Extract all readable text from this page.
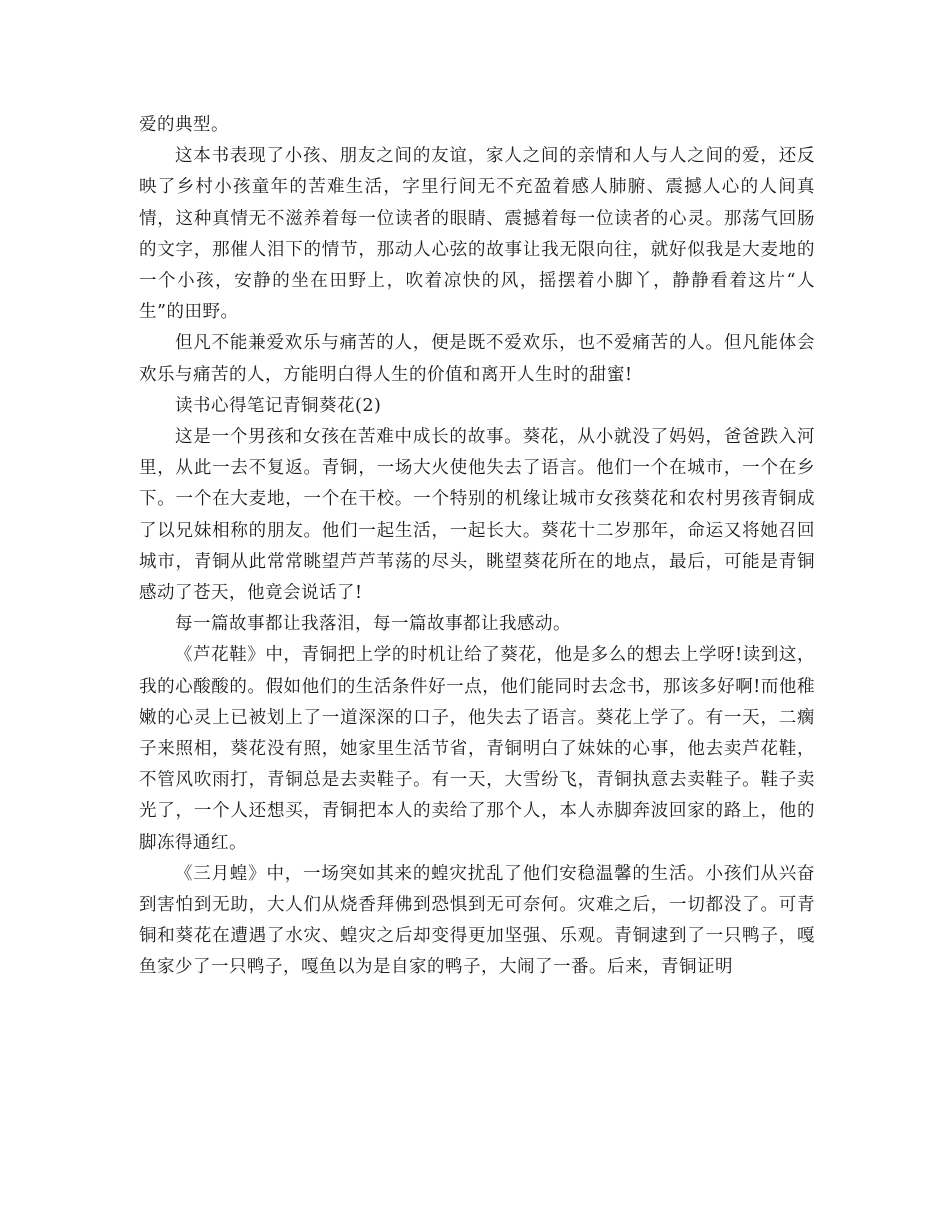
爱的典型。

这本书表现了小孩、朋友之间的友谊，家人之间的亲情和人与人之间的爱，还反映了乡村小孩童年的苦难生活，字里行间无不充盈着感人肺腑、震撼人心的人间真情，这种真情无不滋养着每一位读者的眼睛、震撼着每一位读者的心灵。那荡气回肠的文字，那催人泪下的情节，那动人心弦的故事让我无限向往，就好似我是大麦地的一个小孩，安静的坐在田野上，吹着凉快的风，摇摆着小脚丫，静静看着这片“人生”的田野。

但凡不能兼爱欢乐与痛苦的人，便是既不爱欢乐，也不爱痛苦的人。但凡能体会欢乐与痛苦的人，方能明白得人生的价值和离开人生时的甜蜜!

读书心得笔记青铜葵花(2)

这是一个男孩和女孩在苦难中成长的故事。葵花，从小就没了妈妈，爸爸跌入河里，从此一去不复返。青铜，一场大火使他失去了语言。他们一个在城市，一个在乡下。一个在大麦地，一个在干校。一个特别的机缘让城市女孩葵花和农村男孩青铜成了以兄妹相称的朋友。他们一起生活，一起长大。葵花十二岁那年，命运又将她召回城市，青铜从此常常眺望芦芦苇荡的尽头，眺望葵花所在的地点，最后，可能是青铜感动了苍天，他竟会说话了!

每一篇故事都让我落泪，每一篇故事都让我感动。

《芦花鞋》中，青铜把上学的时机让给了葵花，他是多么的想去上学呀!读到这，我的心酸酸的。假如他们的生活条件好一点，他们能同时去念书，那该多好啊!而他稚嫩的心灵上已被划上了一道深深的口子，他失去了语言。葵花上学了。有一天，二瘸子来照相，葵花没有照，她家里生活节省，青铜明白了妹妹的心事，他去卖芦花鞋，不管风吹雨打，青铜总是去卖鞋子。有一天，大雪纷飞，青铜执意去卖鞋子。鞋子卖光了，一个人还想买，青铜把本人的卖给了那个人，本人赤脚奔波回家的路上，他的脚冻得通红。

《三月蝗》中，一场突如其来的蝗灾扰乱了他们安稳温馨的生活。小孩们从兴奋到害怕到无助，大人们从烧香拜佛到恐惧到无可奈何。灾难之后，一切都没了。可青铜和葵花在遭遇了水灾、蝗灾之后却变得更加坚强、乐观。青铜逮到了一只鸭子，嘎鱼家少了一只鸭子，嘎鱼以为是自家的鸭子，大闹了一番。后来，青铜证明
